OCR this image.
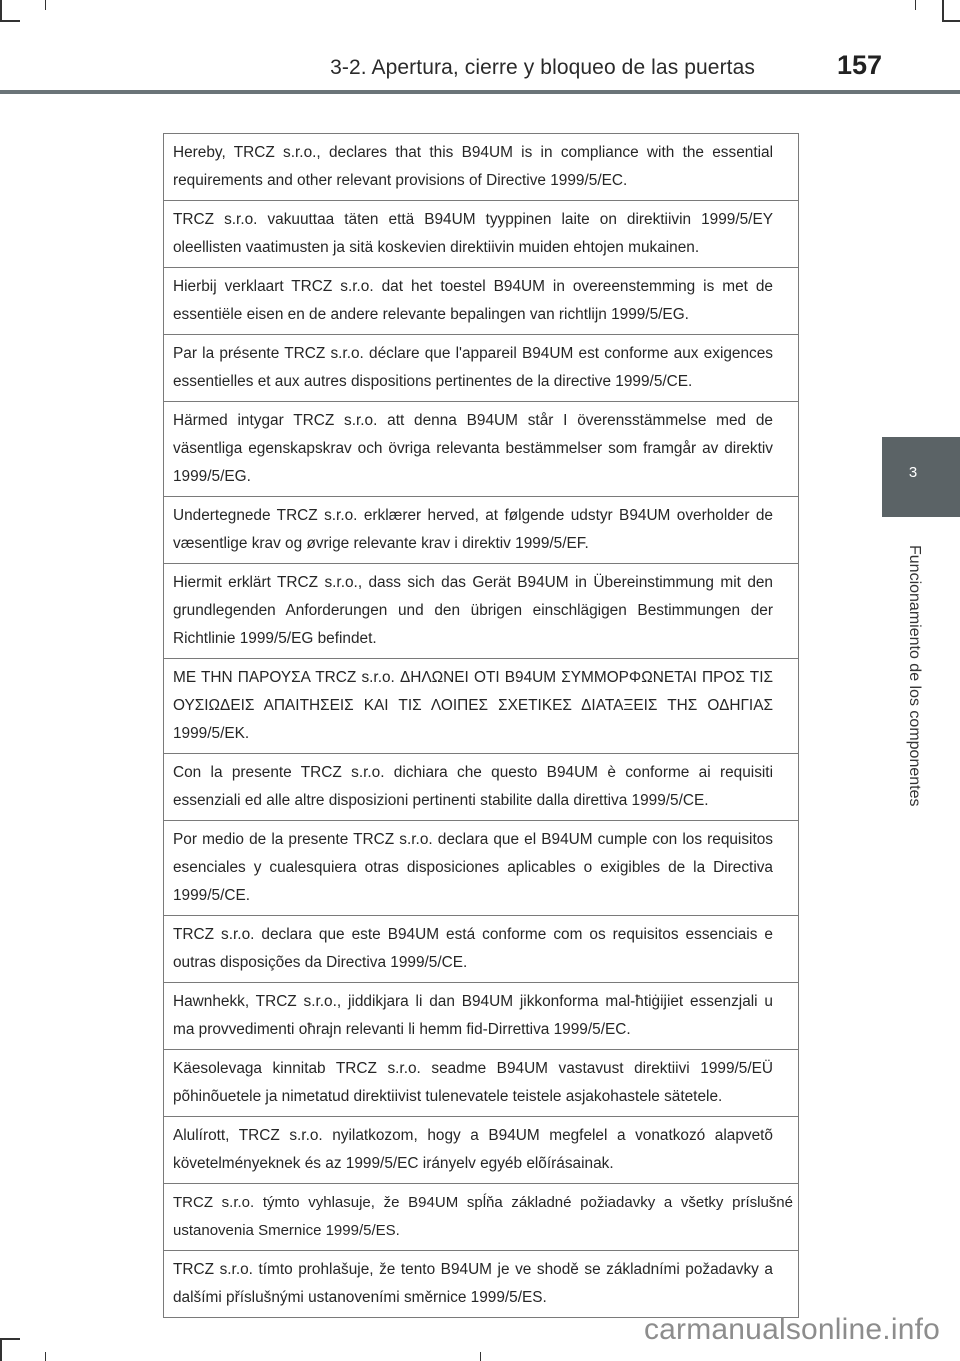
3-2. Apertura, cierre y bloqueo de las puertas	157
3
Funcionamiento de los componentes

Hereby, TRCZ s.r.o., declares that this B94UM is in compliance with the essential requirements and other relevant provisions of Directive 1999/5/EC.

TRCZ s.r.o. vakuuttaa täten että B94UM tyyppinen laite on direktiivin 1999/5/EY oleellisten vaatimusten ja sitä koskevien direktiivin muiden ehtojen mukainen.

Hierbij verklaart TRCZ s.r.o. dat het toestel B94UM in overeenstemming is met de essentiële eisen en de andere relevante bepalingen van richtlijn 1999/5/EG.

Par la présente TRCZ s.r.o. déclare que l'appareil B94UM est conforme aux exigences essentielles et aux autres dispositions pertinentes de la directive 1999/5/CE.

Härmed intygar TRCZ s.r.o. att denna B94UM står I överensstämmelse med de väsentliga egenskapskrav och övriga relevanta bestämmelser som framgår av direktiv 1999/5/EG.

Undertegnede TRCZ s.r.o. erklærer herved, at følgende udstyr B94UM overholder de væsentlige krav og øvrige relevante krav i direktiv 1999/5/EF.

Hiermit erklärt TRCZ s.r.o., dass sich das Gerät B94UM in Übereinstimmung mit den grundlegenden Anforderungen und den übrigen einschlägigen Bestimmungen der Richtlinie 1999/5/EG befindet.

ΜΕ ΤΗΝ ΠΑΡΟΥΣΑ TRCZ s.r.o. ΔΗΛΩΝΕΙ ΟΤΙ B94UM ΣΥΜΜΟΡΦΩΝΕΤΑΙ ΠΡΟΣ ΤΙΣ ΟΥΣΙΩΔΕΙΣ ΑΠΑΙΤΗΣΕΙΣ ΚΑΙ ΤΙΣ ΛΟΙΠΕΣ ΣΧΕΤΙΚΕΣ ΔΙΑΤΑΞΕΙΣ ΤΗΣ ΟΔΗΓΙΑΣ 1999/5/ΕΚ.

Con la presente TRCZ s.r.o. dichiara che questo B94UM è conforme ai requisiti essenziali ed alle altre disposizioni pertinenti stabilite dalla direttiva 1999/5/CE.

Por medio de la presente TRCZ s.r.o. declara que el B94UM cumple con los requisitos esenciales y cualesquiera otras disposiciones aplicables o exigibles de la Directiva 1999/5/CE.

TRCZ s.r.o. declara que este B94UM está conforme com os requisitos essenciais e outras disposições da Directiva 1999/5/CE.

Hawnhekk, TRCZ s.r.o., jiddikjara li dan B94UM jikkonforma mal-ħtiġijiet essenzjali u ma provvedimenti oħrajn relevanti li hemm fid-Dirrettiva 1999/5/EC.

Käesolevaga kinnitab TRCZ s.r.o. seadme B94UM vastavust direktiivi 1999/5/EÜ põhinõuetele ja nimetatud direktiivist tulenevatele teistele asjakohastele sätetele.

Alulírott, TRCZ s.r.o. nyilatkozom, hogy a B94UM megfelel a vonatkozó alapvetõ követelményeknek és az 1999/5/EC irányelv egyéb elõírásainak.

TRCZ s.r.o. týmto vyhlasuje, že B94UM spĺňa základné požiadavky a všetky príslušné ustanovenia Smernice 1999/5/ES.

TRCZ s.r.o. tímto prohlašuje, že tento B94UM je ve shodě se základními požadavky a dalšími příslušnými ustanoveními směrnice 1999/5/ES.

carmanualsonline.info
